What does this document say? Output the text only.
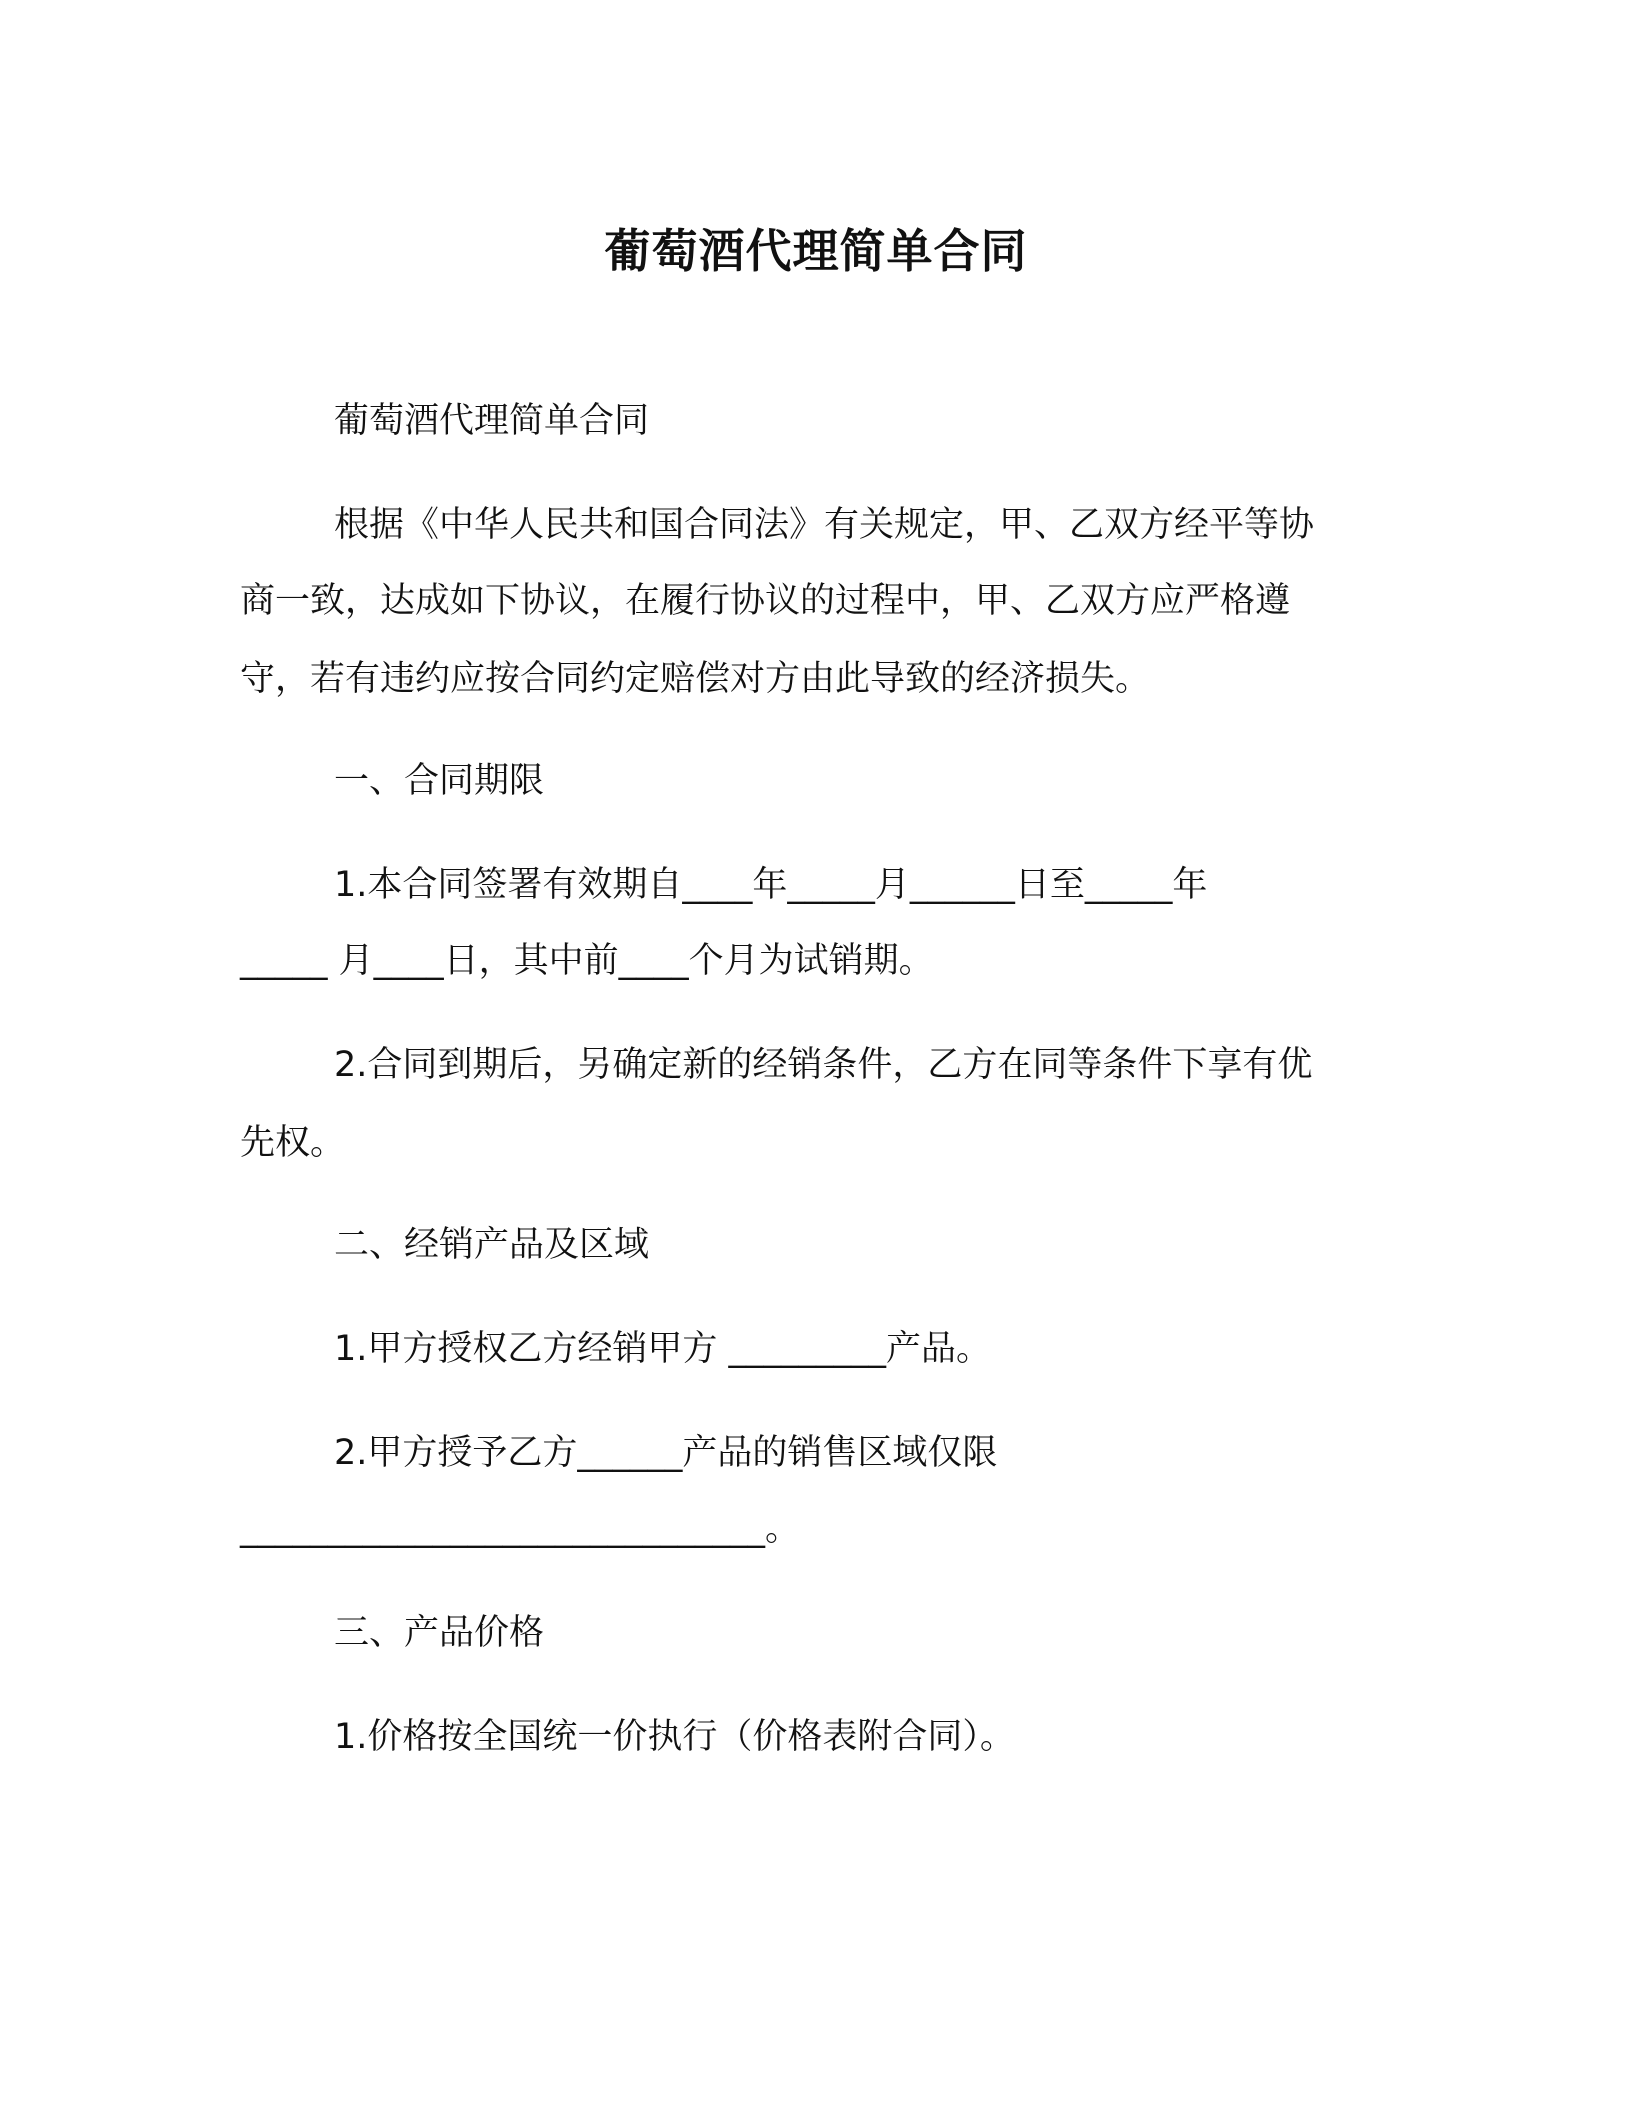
葡萄酒代理简单合同
葡萄酒代理简单合同
根据《中华人民共和国合同法》有关规定，甲、乙双方经平等协
商一致，达成如下协议，在履行协议的过程中，甲、乙双方应严格遵
守，若有违约应按合同约定赔偿对方由此导致的经济损失。
一、合同期限
1.本合同签署有效期自____年_____月______日至_____年
_____ 月____日，其中前____个月为试销期。
2.合同到期后，另确定新的经销条件，乙方在同等条件下享有优
先权。
二、经销产品及区域
1.甲方授权乙方经销甲方 _________产品。
2.甲方授予乙方______产品的销售区域仅限
______________________________。
三、产品价格
1.价格按全国统一价执行（价格表附合同）。
